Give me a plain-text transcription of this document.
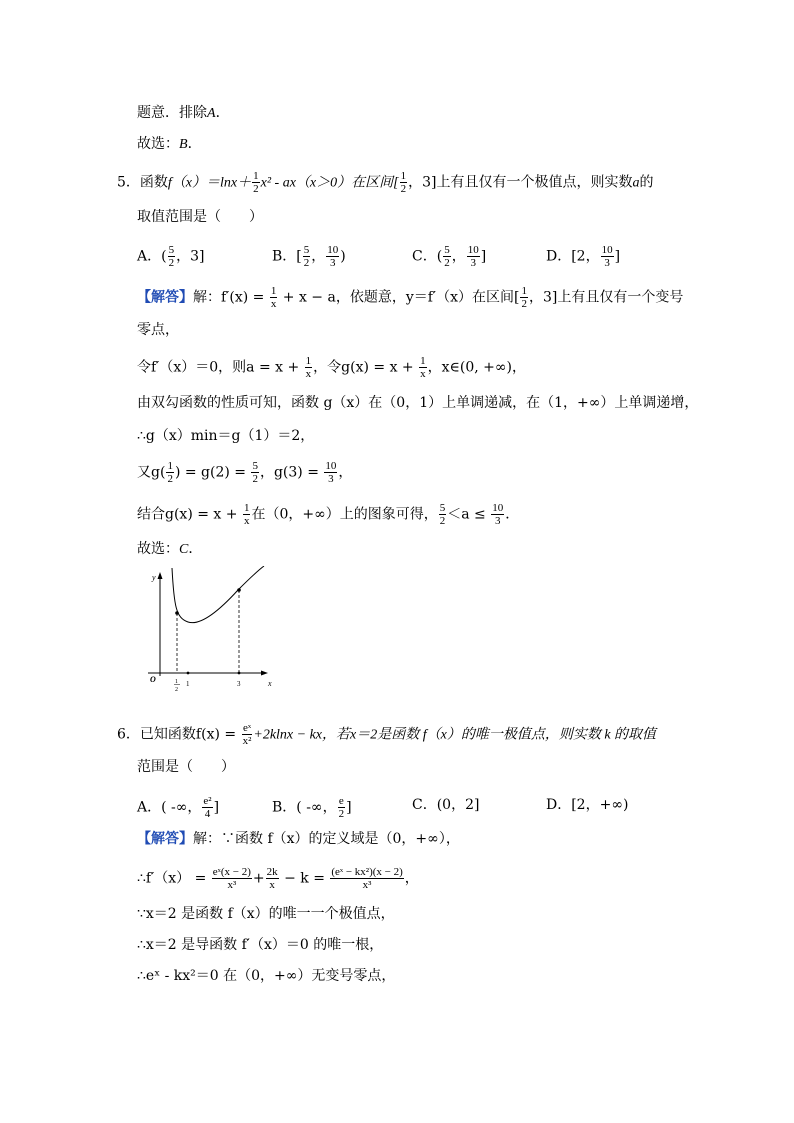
题意．排除A．
故选：B．
5．函数$f(x)=\ln x+ \frac{1}{2} x^2 - ax(x>0)$在区间[ $\frac{1}{2}$ ，3]上有且仅有一个极值点，则实数a的
取值范围是（　　）
A．( $\frac{5}{2}$ ，3]	B．[ $\frac{5}{2}$ ， $\frac{10}{3}$ )	C．( $\frac{5}{2}$ ， $\frac{10}{3}$ ]	D．[2， $\frac{10}{3}$ ]
【解答】解：$f'(x) = \frac{1}{x} + x - a$，依题意，y＝f′（x）在区间[ $\frac{1}{2}$ ，3]上有且仅有一个变号
零点，
令f′（x）＝0，则$a = x + \frac{1}{x}$ ，令$g(x) = x + \frac{1}{x}$ ，x∈(0, +∞)，
由双勾函数的性质可知，函数 g（x）在（0，1）上单调递减，在（1，+∞）上单调递增，
∴g（x）min＝g（1）＝2，
又$g( \frac{1}{2}$ ) = $g(2) = \frac{5}{2}$ ，$g(3) = \frac{10}{3}$ ，
结合$g(x) = x + \frac{1}{x}$ 在（0，+∞）上的图象可得， $\frac{5}{2} <a \le \frac{10}{3}$ ．
故选：C．
y
x
O	1
2
1	3
6．已知函数$f(x) = \frac{\text{eˣ}}{\text{x²}} +2klnx$ − kx，若x＝2是函数 f（x）的唯一极值点，则实数 k 的取值
范围是（　　）
A．( -∞， $\frac{\text{e²}}{4}$ ]	B．( -∞， $\frac{e}{2}$ ]	C．(0，2]	D．[2，+∞)
【解答】解：∵函数 f（x）的定义域是（0，+∞），
∴f′（x） = $\frac{\text{eˣ(x − 2)}}{\text{x³}} + \frac{2k}{x} - k = \frac{\text{(eˣ − kx²)(x − 2)}}{\text{x³}}$ ，
∵x＝2 是函数 f（x）的唯一一个极值点，
∴x＝2 是导函数 f′（x）＝0 的唯一根，
∴eˣ - kx²＝0 在（0，+∞）无变号零点，
